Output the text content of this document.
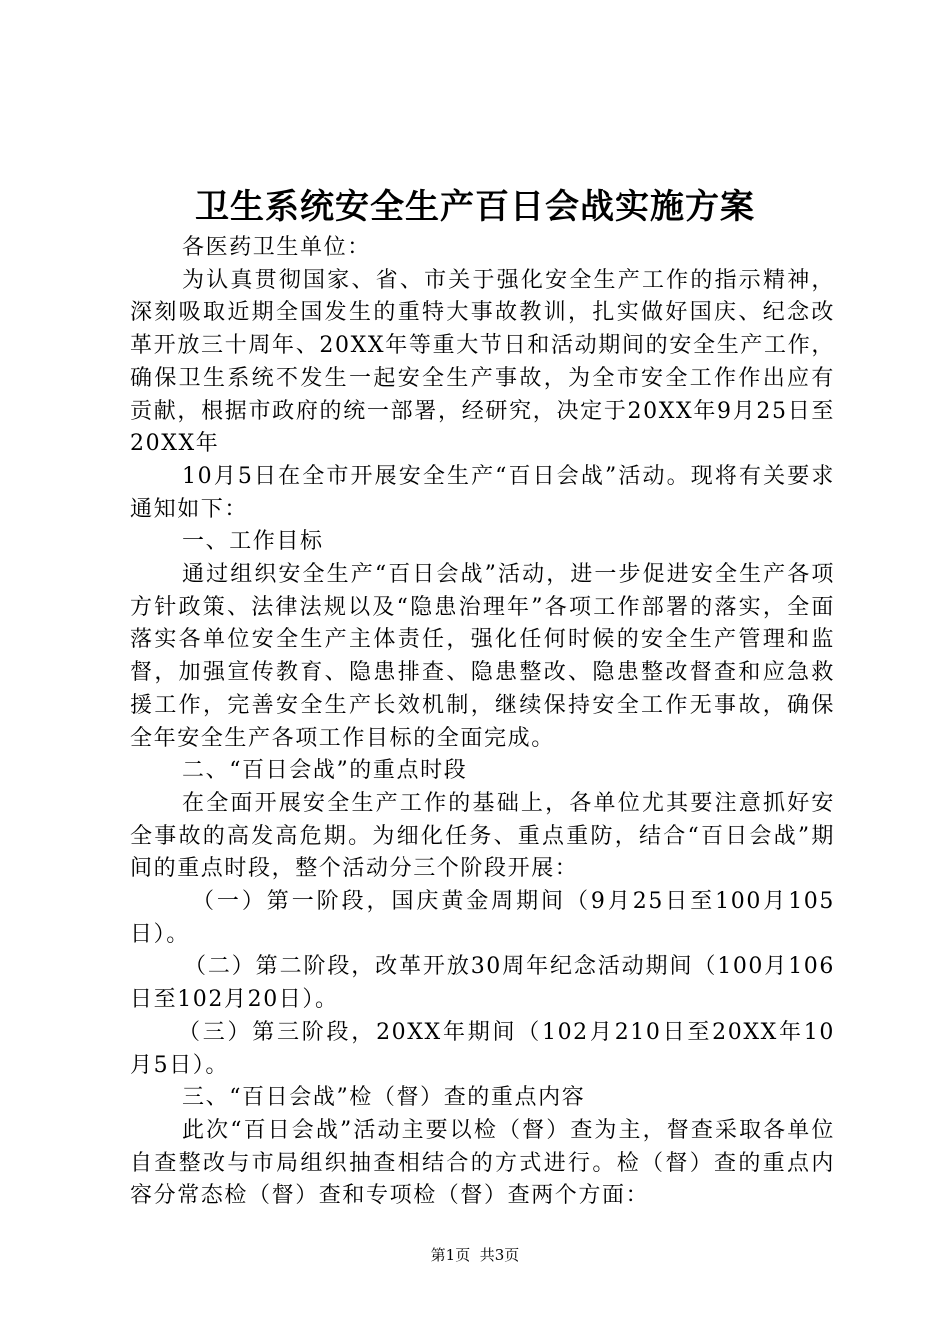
卫生系统安全生产百日会战实施方案

各医药卫生单位：

为认真贯彻国家、省、市关于强化安全生产工作的指示精神，深刻吸取近期全国发生的重特大事故教训，扎实做好国庆、纪念改革开放三十周年、20XX年等重大节日和活动期间的安全生产工作，确保卫生系统不发生一起安全生产事故，为全市安全工作作出应有贡献，根据市政府的统一部署，经研究，决定于20XX年9月25日至20XX年

10月5日在全市开展安全生产“百日会战”活动。现将有关要求通知如下：

一、工作目标

通过组织安全生产“百日会战”活动，进一步促进安全生产各项方针政策、法律法规以及“隐患治理年”各项工作部署的落实，全面落实各单位安全生产主体责任，强化任何时候的安全生产管理和监督，加强宣传教育、隐患排查、隐患整改、隐患整改督查和应急救援工作，完善安全生产长效机制，继续保持安全工作无事故，确保全年安全生产各项工作目标的全面完成。

二、“百日会战”的重点时段

在全面开展安全生产工作的基础上，各单位尤其要注意抓好安全事故的高发高危期。为细化任务、重点重防，结合“百日会战”期间的重点时段，整个活动分三个阶段开展：

（一）第一阶段，国庆黄金周期间（9月25日至100月105日）。

（二）第二阶段，改革开放30周年纪念活动期间（100月106日至102月20日）。

（三）第三阶段，20XX年期间（102月210日至20XX年10月5日）。

三、“百日会战”检（督）查的重点内容

此次“百日会战”活动主要以检（督）查为主，督查采取各单位自查整改与市局组织抽查相结合的方式进行。检（督）查的重点内容分常态检（督）查和专项检（督）查两个方面：

第1页 共3页
